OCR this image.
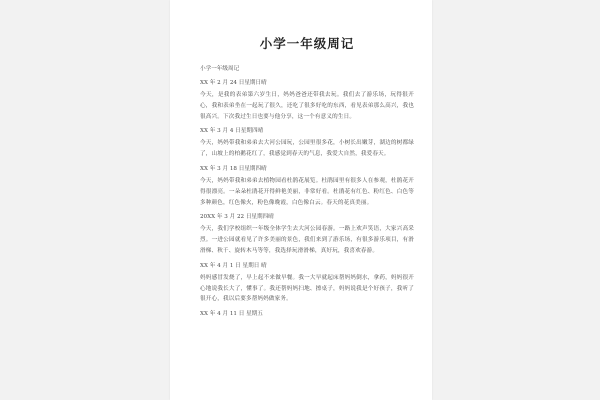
小学一年级周记
小学一年级周记
XX 年 2 月 24 日星期日晴
今天，是我的表弟第六岁生日，妈妈爸爸还带我去玩。我们去了游乐场，玩得很开心，我和表弟坐在一起玩了很久，还吃了很多好吃的东西，看见表弟那么高兴，我也很高兴。下次我过生日也要与他分享，这一个有意义的生日。
XX 年 3 月 4 日星期四晴
今天，妈妈带我和弟弟去大河公园玩，公园里很多花，小树长出嫩芽，湖边的树都绿了，山坡上的柏鹅花红了，我感觉到春天的气息，我爱大自然，我爱春天。
XX 年 3 月 18 日星期四晴
今天，妈妈带我和弟弟去植物园看杜鹃花展览。杜鹃园里有很多人在参观，杜鹃花开得很漂亮。一朵朵杜鹃花开得鲜艳美丽，非常好看。杜鹃花有红色、粉红色、白色等多种颜色，红色像火，粉色像晚霞，白色像白云。春天的花真美丽。
20XX 年 3 月 22 日星期四晴
今天，我们学校组织一年级全体学生去大河公园春游。一路上欢声笑语，大家兴高采烈。一进公园就看见了许多美丽的景色，我们来到了游乐场，有很多游乐项目，有滑滑梯、秋千、旋转木马等等，我选择玩滑滑梯，真好玩，我喜欢春游。
XX 年 4 月 1 日 星期日 晴
妈妈感冒发烧了，早上起不来做早餐。我一大早就起床帮妈妈倒水，拿药，妈妈很开心地说我长大了，懂事了。我还帮妈妈扫地、擦桌子，妈妈说我是个好孩子，我听了很开心，我以后要多帮妈妈做家务。
XX 年 4 月 11 日 星期五
